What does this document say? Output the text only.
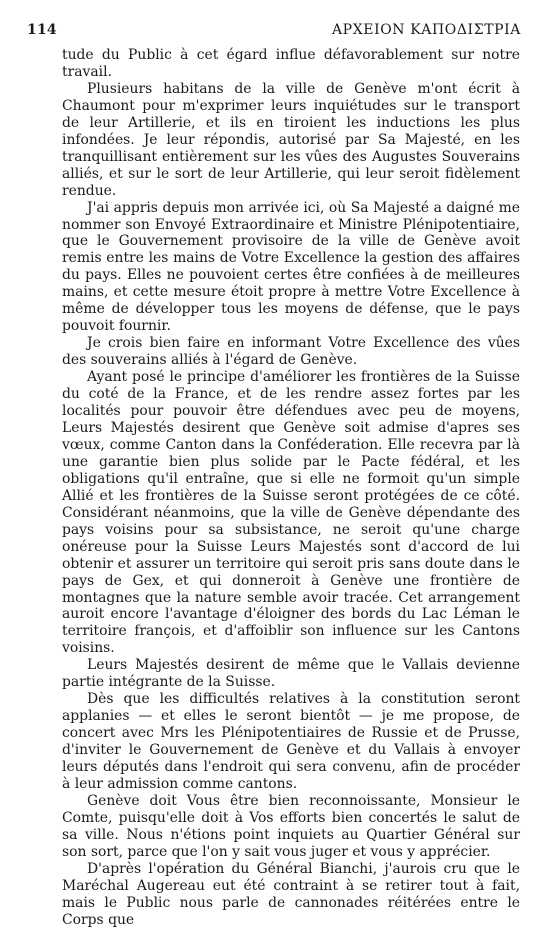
114	ΑΡΧΕΙΟΝ ΚΑΠΟΔΙΣΤΡΙΑ

tude du Public à cet égard influe défavorablement sur notre travail.

Plusieurs habitans de la ville de Genève m'ont écrit à Chaumont pour m'exprimer leurs inquiétudes sur le transport de leur Artillerie, et ils en tiroient les inductions les plus infondées. Je leur répondis, autorisé par Sa Majesté, en les tranquillisant entièrement sur les vûes des Augustes Souverains alliés, et sur le sort de leur Artillerie, qui leur seroit fidèlement rendue.

J'ai appris depuis mon arrivée ici, où Sa Majesté a daigné me nommer son Envoyé Extraordinaire et Ministre Plénipotentiaire, que le Gouvernement provisoire de la ville de Genève avoit remis entre les mains de Votre Excellence la gestion des affaires du pays. Elles ne pouvoient certes être confiées à de meilleures mains, et cette mesure étoit propre à mettre Votre Excellence à même de développer tous les moyens de défense, que le pays pouvoit fournir.

Je crois bien faire en informant Votre Excellence des vûes des souverains alliés à l'égard de Genève.

Ayant posé le principe d'améliorer les frontières de la Suisse du coté de la France, et de les rendre assez fortes par les localités pour pouvoir être défendues avec peu de moyens, Leurs Majestés desirent que Genève soit admise d'apres ses vœux, comme Canton dans la Conféderation. Elle recevra par là une garantie bien plus solide par le Pacte fédéral, et les obligations qu'il entraîne, que si elle ne formoit qu'un simple Allié et les frontières de la Suisse seront protégées de ce côté. Considérant néanmoins, que la ville de Genève dépendante des pays voisins pour sa subsistance, ne seroit qu'une charge onéreuse pour la Suisse Leurs Majestés sont d'accord de lui obtenir et assurer un territoire qui seroit pris sans doute dans le pays de Gex, et qui donneroit à Genève une frontière de montagnes que la nature semble avoir tracée. Cet arrangement auroit encore l'avantage d'éloigner des bords du Lac Léman le territoire françois, et d'affoiblir son influence sur les Cantons voisins.

Leurs Majestés desirent de même que le Vallais devienne partie intégrante de la Suisse.

Dès que les difficultés relatives à la constitution seront applanies — et elles le seront bientôt — je me propose, de concert avec Mrs les Plénipotentiaires de Russie et de Prusse, d'inviter le Gouvernement de Genève et du Vallais à envoyer leurs députés dans l'endroit qui sera convenu, afin de procéder à leur admission comme cantons.

Genève doit Vous être bien reconnoissante, Monsieur le Comte, puisqu'elle doit à Vos efforts bien concertés le salut de sa ville. Nous n'étions point inquiets au Quartier Général sur son sort, parce que l'on y sait vous juger et vous y apprécier.

D'après l'opération du Général Bianchi, j'aurois cru que le Maréchal Augereau eut été contraint à se retirer tout à fait, mais le Public nous parle de cannonades réitérées entre le Corps que
